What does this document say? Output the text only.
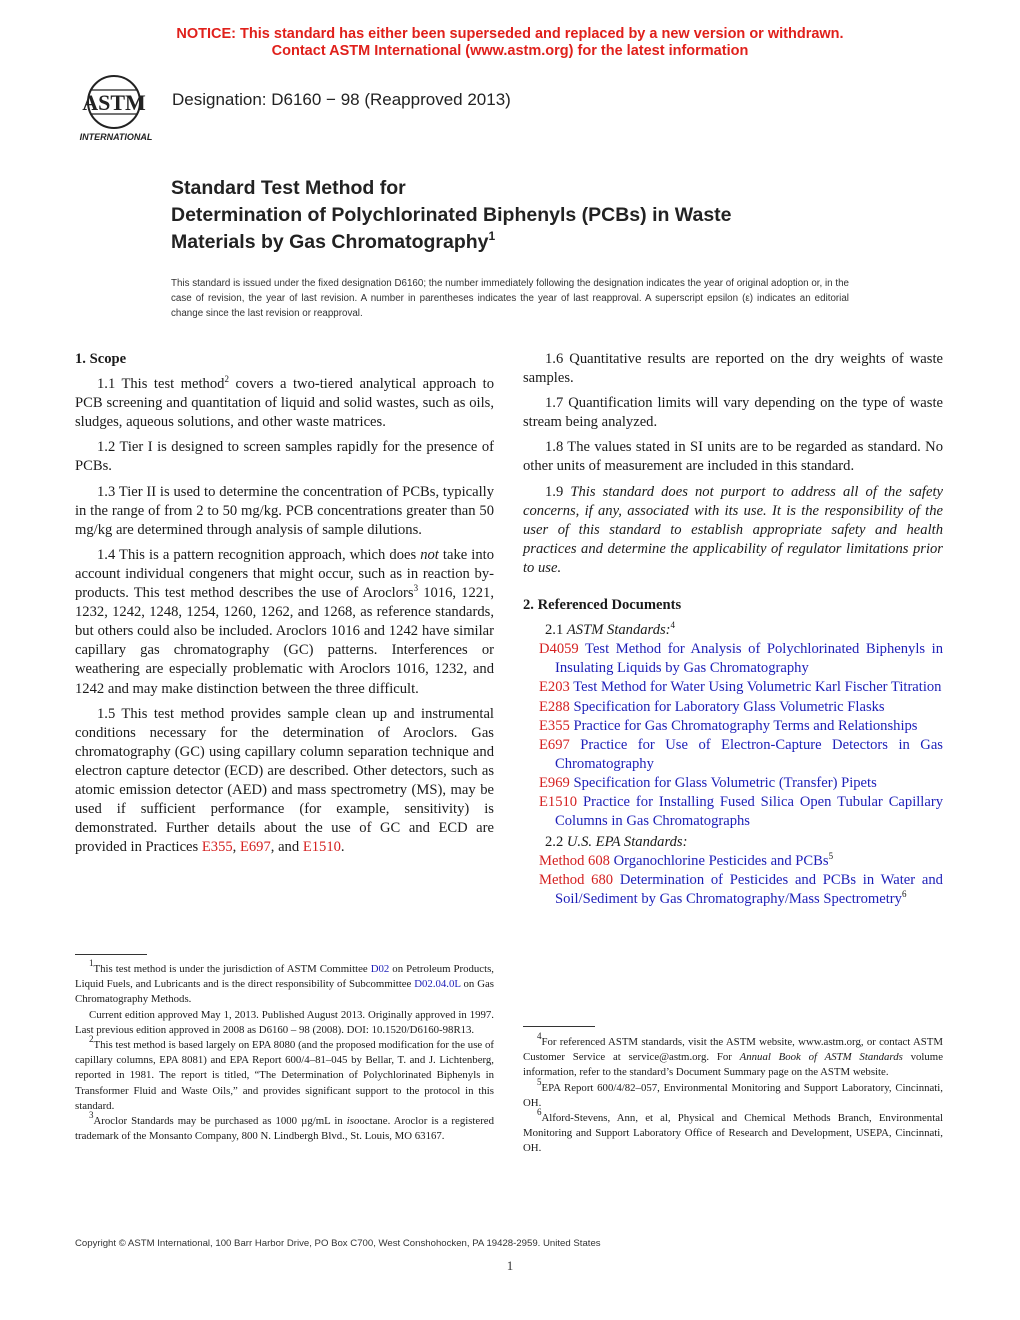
NOTICE: This standard has either been superseded and replaced by a new version or withdrawn.
Contact ASTM International (www.astm.org) for the latest information
ASTM
INTERNATIONAL
Designation: D6160 − 98 (Reapproved 2013)
Standard Test Method for
Determination of Polychlorinated Biphenyls (PCBs) in Waste
Materials by Gas Chromatography$^1$
This standard is issued under the fixed designation D6160; the number immediately following the designation indicates the year of original adoption or, in the case of revision, the year of last revision. A number in parentheses indicates the year of last reapproval. A superscript epsilon (ε) indicates an editorial change since the last revision or reapproval.
1. Scope

1.1 This test method$^2$ covers a two-tiered analytical approach to PCB screening and quantitation of liquid and solid wastes, such as oils, sludges, aqueous solutions, and other waste matrices.

1.2 Tier I is designed to screen samples rapidly for the presence of PCBs.

1.3 Tier II is used to determine the concentration of PCBs, typically in the range of from 2 to 50 mg/kg. PCB concentrations greater than 50 mg/kg are determined through analysis of sample dilutions.

1.4 This is a pattern recognition approach, which does not take into account individual congeners that might occur, such as in reaction by-products. This test method describes the use of Aroclors$^3$ 1016, 1221, 1232, 1242, 1248, 1254, 1260, 1262, and 1268, as reference standards, but others could also be included. Aroclors 1016 and 1242 have similar capillary gas chromatography (GC) patterns. Interferences or weathering are especially problematic with Aroclors 1016, 1232, and 1242 and may make distinction between the three difficult.

1.5 This test method provides sample clean up and instrumental conditions necessary for the determination of Aroclors. Gas chromatography (GC) using capillary column separation technique and electron capture detector (ECD) are described. Other detectors, such as atomic emission detector (AED) and mass spectrometry (MS), may be used if sufficient performance (for example, sensitivity) is demonstrated. Further details about the use of GC and ECD are provided in Practices E355, E697, and E1510.

$^1$This test method is under the jurisdiction of ASTM Committee D02 on Petroleum Products, Liquid Fuels, and Lubricants and is the direct responsibility of Subcommittee D02.04.0L on Gas Chromatography Methods.

Current edition approved May 1, 2013. Published August 2013. Originally approved in 1997. Last previous edition approved in 2008 as D6160 – 98 (2008). DOI: 10.1520/D6160-98R13.

$^2$This test method is based largely on EPA 8080 (and the proposed modification for the use of capillary columns, EPA 8081) and EPA Report 600/4–81–045 by Bellar, T. and J. Lichtenberg, reported in 1981. The report is titled, “The Determination of Polychlorinated Biphenyls in Transformer Fluid and Waste Oils,” and provides significant support to the protocol in this standard.

$^3$Aroclor Standards may be purchased as 1000 µg/mL in isooctane. Aroclor is a registered trademark of the Monsanto Company, 800 N. Lindbergh Blvd., St. Louis, MO 63167.

1.6 Quantitative results are reported on the dry weights of waste samples.

1.7 Quantification limits will vary depending on the type of waste stream being analyzed.

1.8 The values stated in SI units are to be regarded as standard. No other units of measurement are included in this standard.

1.9 This standard does not purport to address all of the safety concerns, if any, associated with its use. It is the responsibility of the user of this standard to establish appropriate safety and health practices and determine the applicability of regulator limitations prior to use.

2. Referenced Documents

2.1 ASTM Standards:$^4$

D4059 Test Method for Analysis of Polychlorinated Biphenyls in Insulating Liquids by Gas Chromatography
E203 Test Method for Water Using Volumetric Karl Fischer Titration
E288 Specification for Laboratory Glass Volumetric Flasks
E355 Practice for Gas Chromatography Terms and Relationships
E697 Practice for Use of Electron-Capture Detectors in Gas Chromatography
E969 Specification for Glass Volumetric (Transfer) Pipets
E1510 Practice for Installing Fused Silica Open Tubular Capillary Columns in Gas Chromatographs

2.2 U.S. EPA Standards:

Method 608 Organochlorine Pesticides and PCBs$^5$
Method 680 Determination of Pesticides and PCBs in Water and Soil/Sediment by Gas Chromatography/Mass Spectrometry$^6$

$^4$For referenced ASTM standards, visit the ASTM website, www.astm.org, or contact ASTM Customer Service at service@astm.org. For Annual Book of ASTM Standards volume information, refer to the standard’s Document Summary page on the ASTM website.

$^5$EPA Report 600/4/82–057, Environmental Monitoring and Support Laboratory, Cincinnati, OH.

$^6$Alford-Stevens, Ann, et al, Physical and Chemical Methods Branch, Environmental Monitoring and Support Laboratory Office of Research and Development, USEPA, Cincinnati, OH.

Copyright © ASTM International, 100 Barr Harbor Drive, PO Box C700, West Conshohocken, PA 19428-2959. United States
1
